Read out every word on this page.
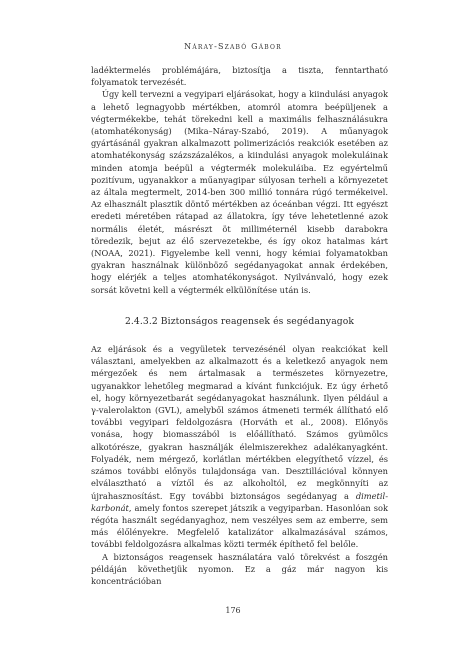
Náray-Szabó Gábor

ladéktermelés problémájára, biztosítja a tiszta, fenntartható folyamatok tervezését.

Úgy kell tervezni a vegyipari eljárásokat, hogy a kiindulási anyagok a lehető legnagyobb mértékben, atomról atomra beépüljenek a végtermékekbe, tehát törekedni kell a maximális felhasználásukra (atomhatékonyság) (Mika–Náray-Szabó, 2019). A műanyagok gyártásánál gyakran alkalmazott polimerizációs reakciók esetében az atomhatékonyság százszázalékos, a kiindulási anyagok molekuláinak minden atomja beépül a végtermék molekuláiba. Ez egyértelmű pozitívum, ugyanakkor a műanyagipar súlyosan terheli a környezetet az általa megtermelt, 2014-ben 300 millió tonnára rúgó termékeivel. Az elhasznált plasztik döntő mértékben az óceánban végzi. Itt egyészt eredeti méretében rátapad az állatokra, így téve lehetetlenné azok normális életét, másrészt öt milliméternél kisebb darabokra töredezik, bejut az élő szervezetekbe, és így okoz hatalmas kárt (NOAA, 2021). Figyelembe kell venni, hogy kémiai folyamatokban gyakran használnak különböző segédanyagokat annak érdekében, hogy elérjék a teljes atomhatékonyságot. Nyilvánvaló, hogy ezek sorsát követni kell a végtermék elkülönítése után is.

2.4.3.2 Biztonságos reagensek és segédanyagok

Az eljárások és a vegyületek tervezésénél olyan reakciókat kell választani, amelyekben az alkalmazott és a keletkező anyagok nem mérgezőek és nem ártalmasak a természetes környezetre, ugyanakkor lehetőleg megmarad a kívánt funkciójuk. Ez úgy érhető el, hogy környezetbarát segédanyagokat használunk. Ilyen például a γ-valerolakton (GVL), amelyből számos átmeneti termék állítható elő további vegyipari feldolgozásra (Horváth et al., 2008). Előnyös vonása, hogy biomasszából is előállítható. Számos gyümölcs alkotórésze, gyakran használják élelmiszerekhez adalékanyagként. Folyadék, nem mérgező, korlátlan mértékben elegyíthető vízzel, és számos további előnyös tulajdonsága van. Desztillációval könnyen elválasztható a víztől és az alkoholtól, ez megkönnyíti az újrahasznosítást. Egy további biztonságos segédanyag a dimetil-karbonát, amely fontos szerepet játszik a vegyiparban. Hasonlóan sok régóta használt segédanyaghoz, nem veszélyes sem az emberre, sem más élőlényekre. Megfelelő katalizátor alkalmazásával számos, további feldolgozásra alkalmas közti termék építhető fel belőle.

A biztonságos reagensek használatára való törekvést a foszgén példáján követhetjük nyomon. Ez a gáz már nagyon kis koncentrációban

176
